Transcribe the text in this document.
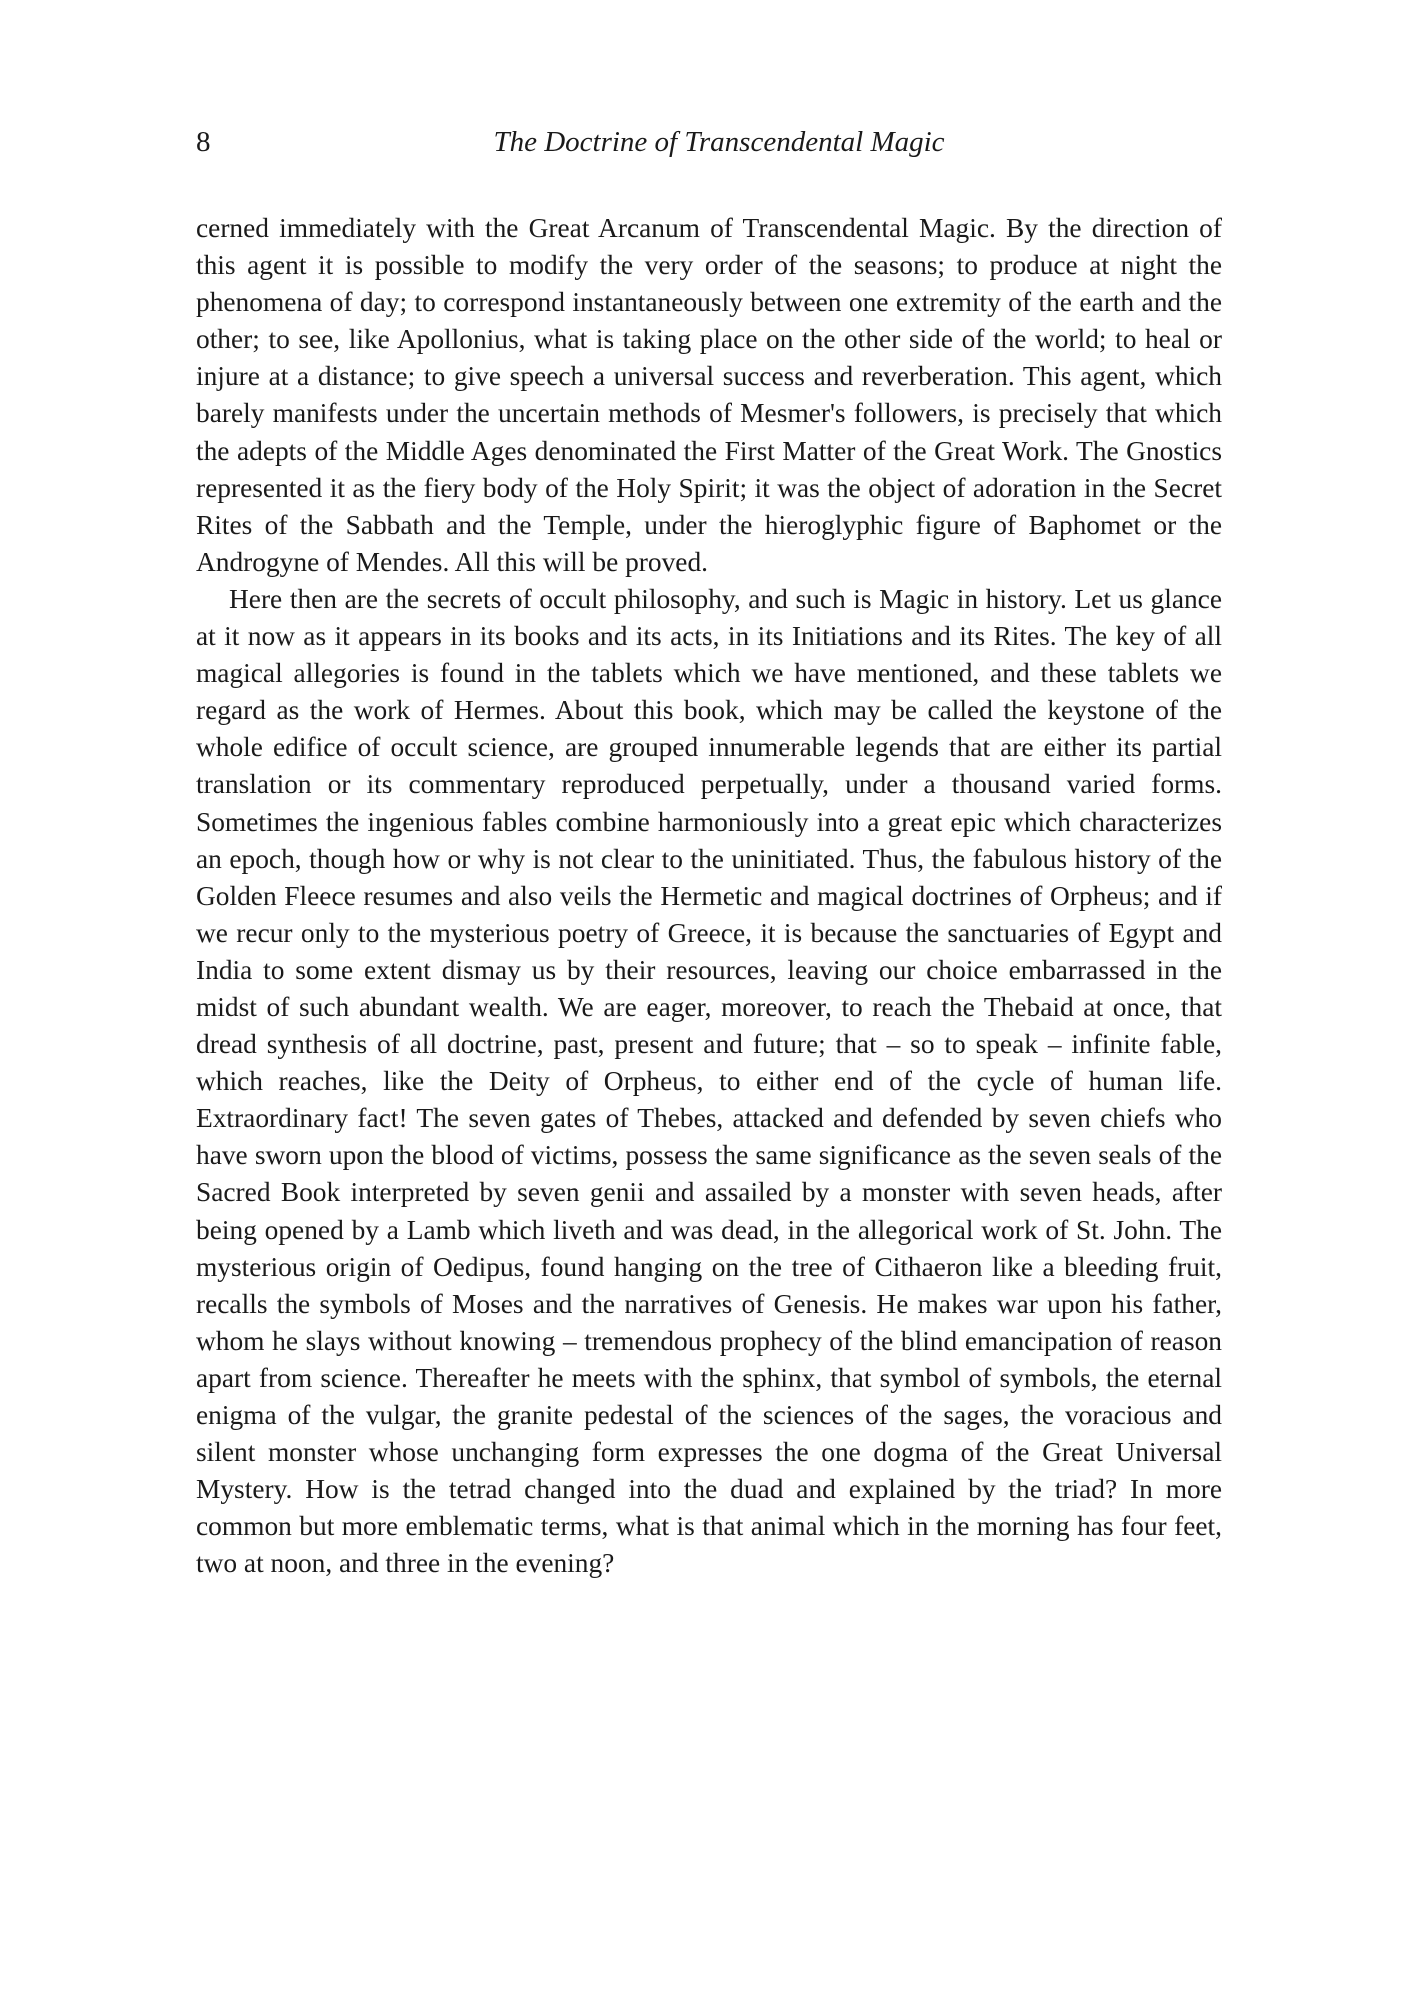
8	The Doctrine of Transcendental Magic

cerned immediately with the Great Arcanum of Transcendental Magic. By the direction of this agent it is possible to modify the very order of the seasons; to produce at night the phenomena of day; to correspond instantaneously between one extremity of the earth and the other; to see, like Apollonius, what is taking place on the other side of the world; to heal or injure at a distance; to give speech a universal success and reverberation. This agent, which barely manifests under the uncertain methods of Mesmer's followers, is precisely that which the adepts of the Middle Ages denominated the First Matter of the Great Work. The Gnostics represented it as the fiery body of the Holy Spirit; it was the object of adoration in the Secret Rites of the Sabbath and the Temple, under the hieroglyphic figure of Baphomet or the Androgyne of Mendes. All this will be proved.

Here then are the secrets of occult philosophy, and such is Magic in history. Let us glance at it now as it appears in its books and its acts, in its Initiations and its Rites. The key of all magical allegories is found in the tablets which we have mentioned, and these tablets we regard as the work of Hermes. About this book, which may be called the keystone of the whole edifice of occult science, are grouped innumerable legends that are either its partial translation or its commentary reproduced perpetually, under a thousand varied forms. Sometimes the ingenious fables combine harmoniously into a great epic which characterizes an epoch, though how or why is not clear to the uninitiated. Thus, the fabulous history of the Golden Fleece resumes and also veils the Hermetic and magical doctrines of Orpheus; and if we recur only to the mysterious poetry of Greece, it is because the sanctuaries of Egypt and India to some extent dismay us by their resources, leaving our choice embarrassed in the midst of such abundant wealth. We are eager, moreover, to reach the Thebaid at once, that dread synthesis of all doctrine, past, present and future; that – so to speak – infinite fable, which reaches, like the Deity of Orpheus, to either end of the cycle of human life. Extraordinary fact! The seven gates of Thebes, attacked and defended by seven chiefs who have sworn upon the blood of victims, possess the same significance as the seven seals of the Sacred Book interpreted by seven genii and assailed by a monster with seven heads, after being opened by a Lamb which liveth and was dead, in the allegorical work of St. John. The mysterious origin of Oedipus, found hanging on the tree of Cithaeron like a bleeding fruit, recalls the symbols of Moses and the narratives of Genesis. He makes war upon his father, whom he slays without knowing – tremendous prophecy of the blind emancipation of reason apart from science. Thereafter he meets with the sphinx, that symbol of symbols, the eternal enigma of the vulgar, the granite pedestal of the sciences of the sages, the voracious and silent monster whose unchanging form expresses the one dogma of the Great Universal Mystery. How is the tetrad changed into the duad and explained by the triad? In more common but more emblematic terms, what is that animal which in the morning has four feet, two at noon, and three in the evening?
